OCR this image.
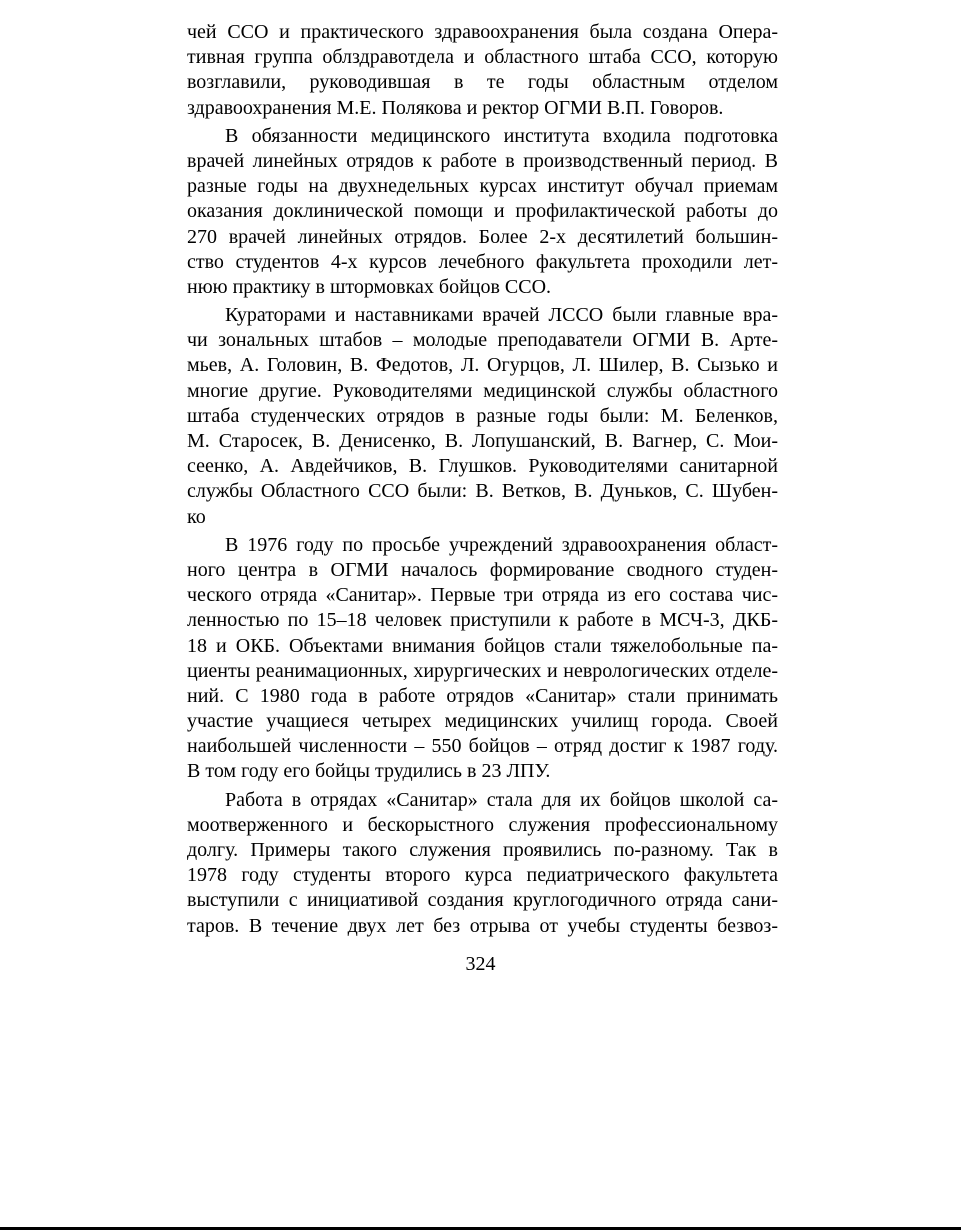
чей ССО и практического здравоохранения была создана Опера-
тивная группа облздравотдела и областного штаба ССО, которую
возглавили, руководившая в те годы областным отделом
здравоохранения М.Е. Полякова и ректор ОГМИ В.П. Говоров.
В обязанности медицинского института входила подготовка
врачей линейных отрядов к работе в производственный период. В
разные годы на двухнедельных курсах институт обучал приемам
оказания доклинической помощи и профилактической работы до
270 врачей линейных отрядов. Более 2-х десятилетий большин-
ство студентов 4-х курсов лечебного факультета проходили лет-
нюю практику в штормовках бойцов ССО.
Кураторами и наставниками врачей ЛССО были главные вра-
чи зональных штабов – молодые преподаватели ОГМИ В. Арте-
мьев, А. Головин, В. Федотов, Л. Огурцов, Л. Шилер, В. Сызько и
многие другие. Руководителями медицинской службы областного
штаба студенческих отрядов в разные годы были: М. Беленков,
М. Старосек, В. Денисенко, В. Лопушанский, В. Вагнер, С. Мои-
сеенко, А. Авдейчиков, В. Глушков. Руководителями санитарной
службы Областного ССО были: В. Ветков, В. Дуньков, С. Шубен-
ко
В 1976 году по просьбе учреждений здравоохранения област-
ного центра в ОГМИ началось формирование сводного студен-
ческого отряда «Санитар». Первые три отряда из его состава чис-
ленностью по 15–18 человек приступили к работе в МСЧ-3, ДКБ-
18 и ОКБ. Объектами внимания бойцов стали тяжелобольные па-
циенты реанимационных, хирургических и неврологических отделе-
ний. С 1980 года в работе отрядов «Санитар» стали принимать
участие учащиеся четырех медицинских училищ города. Своей
наибольшей численности – 550 бойцов – отряд достиг к 1987 году.
В том году его бойцы трудились в 23 ЛПУ.
Работа в отрядах «Санитар» стала для их бойцов школой са-
моотверженного и бескорыстного служения профессиональному
долгу. Примеры такого служения проявились по-разному. Так в
1978 году студенты второго курса педиатрического факультета
выступили с инициативой создания круглогодичного отряда сани-
таров. В течение двух лет без отрыва от учебы студенты безвоз-
324
